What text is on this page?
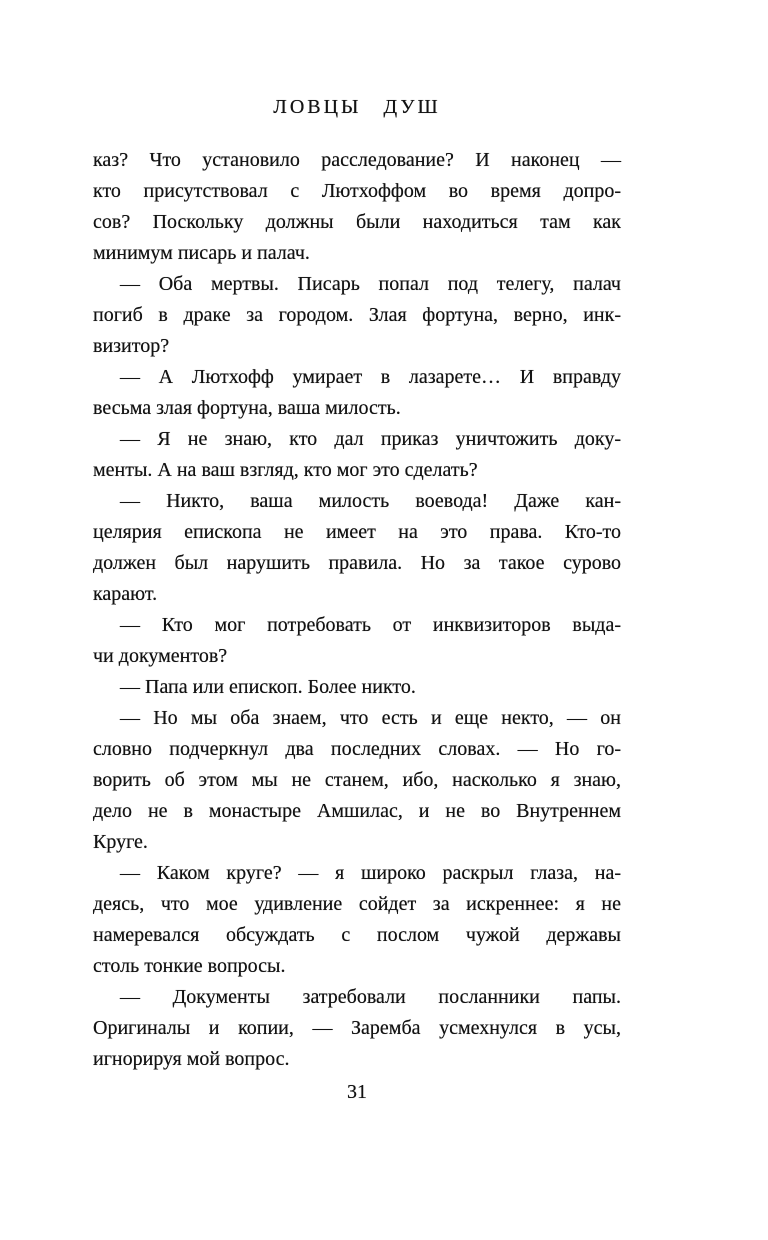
ЛОВЦЫ ДУШ
каз? Что установило расследование? И наконец —
кто присутствовал с Лютхоффом во время допро-
сов? Поскольку должны были находиться там как
минимум писарь и палач.
— Оба мертвы. Писарь попал под телегу, палач
погиб в драке за городом. Злая фортуна, верно, инк-
визитор?
— А Лютхофф умирает в лазарете… И вправду
весьма злая фортуна, ваша милость.
— Я не знаю, кто дал приказ уничтожить доку-
менты. А на ваш взгляд, кто мог это сделать?
— Никто, ваша милость воевода! Даже кан-
целярия епископа не имеет на это права. Кто-то
должен был нарушить правила. Но за такое сурово
карают.
— Кто мог потребовать от инквизиторов выда-
чи документов?
— Папа или епископ. Более никто.
— Но мы оба знаем, что есть и еще некто, — он
словно подчеркнул два последних словах. — Но го-
ворить об этом мы не станем, ибо, насколько я знаю,
дело не в монастыре Амшилас, и не во Внутреннем
Круге.
— Каком круге? — я широко раскрыл глаза, на-
деясь, что мое удивление сойдет за искреннее: я не
намеревался обсуждать с послом чужой державы
столь тонкие вопросы.
— Документы затребовали посланники папы.
Оригиналы и копии, — Заремба усмехнулся в усы,
игнорируя мой вопрос.
31
